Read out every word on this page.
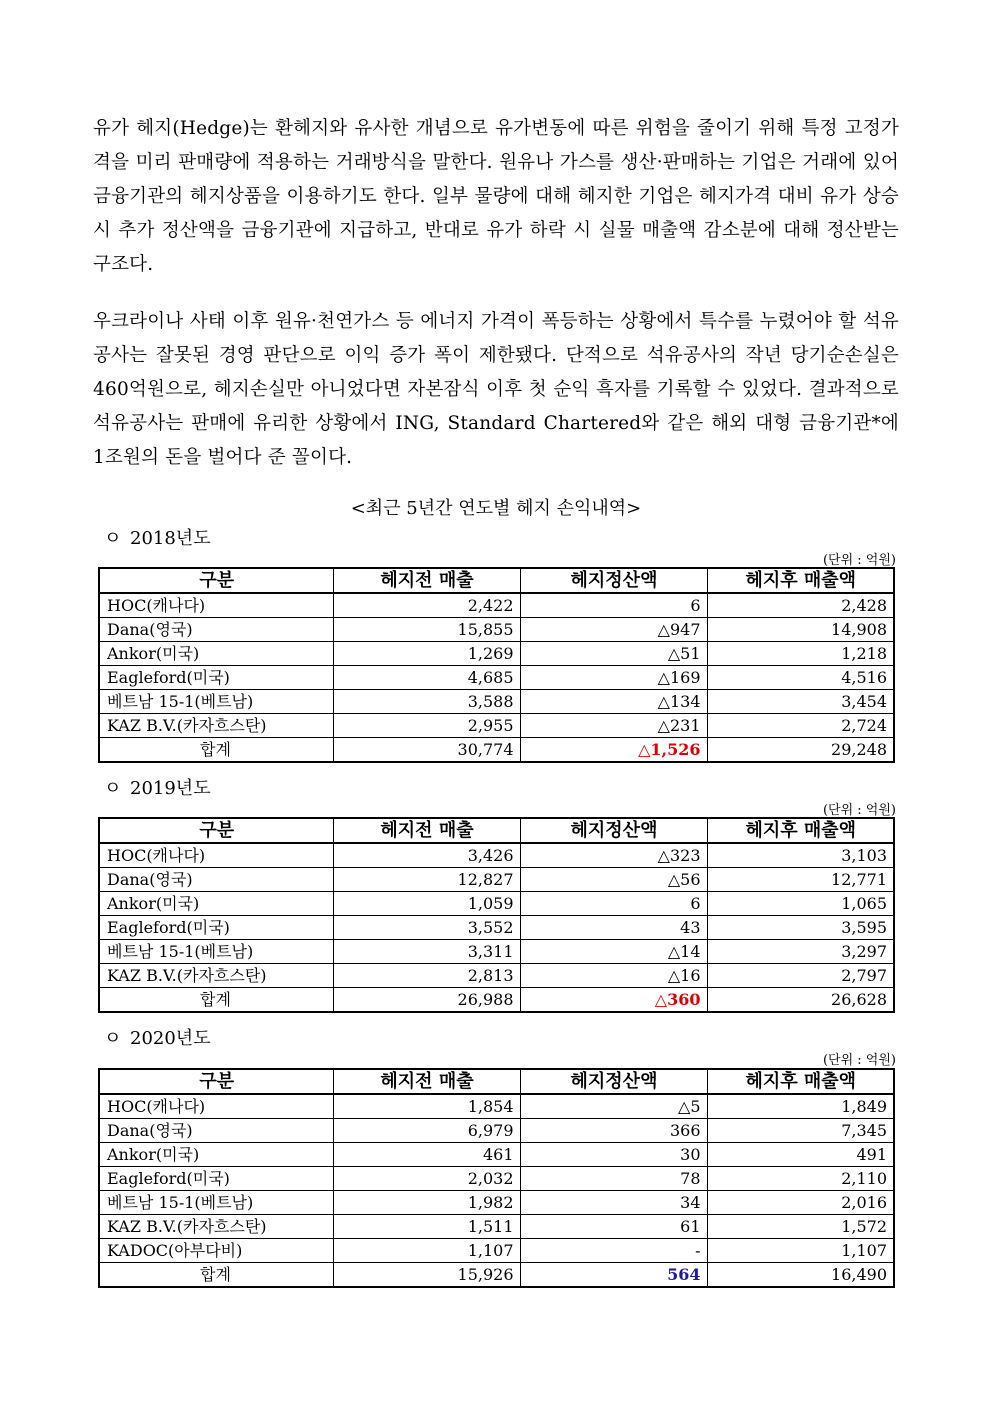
유가 헤지(Hedge)는 환헤지와 유사한 개념으로 유가변동에 따른 위험을 줄이기 위해 특정 고정가격을 미리 판매량에 적용하는 거래방식을 말한다. 원유나 가스를 생산·판매하는 기업은 거래에 있어 금융기관의 헤지상품을 이용하기도 한다. 일부 물량에 대해 헤지한 기업은 헤지가격 대비 유가 상승 시 추가 정산액을 금융기관에 지급하고, 반대로 유가 하락 시 실물 매출액 감소분에 대해 정산받는 구조다.
우크라이나 사태 이후 원유·천연가스 등 에너지 가격이 폭등하는 상황에서 특수를 누렸어야 할 석유공사는 잘못된 경영 판단으로 이익 증가 폭이 제한됐다. 단적으로 석유공사의 작년 당기순손실은 460억원으로, 헤지손실만 아니었다면 자본잠식 이후 첫 순익 흑자를 기록할 수 있었다. 결과적으로 석유공사는 판매에 유리한 상황에서 ING, Standard Chartered와 같은 해외 대형 금융기관*에 1조원의 돈을 벌어다 준 꼴이다.
<최근 5년간 연도별 헤지 손익내역>
ㅇ 2018년도
(단위 : 억원)
구분	헤지전 매출	헤지정산액	헤지후 매출액
HOC(캐나다)	2,422	6	2,428
Dana(영국)	15,855	△947	14,908
Ankor(미국)	1,269	△51	1,218
Eagleford(미국)	4,685	△169	4,516
베트남 15-1(베트남)	3,588	△134	3,454
KAZ B.V.(카자흐스탄)	2,955	△231	2,724
합계	30,774	△1,526	29,248
ㅇ 2019년도
(단위 : 억원)
구분	헤지전 매출	헤지정산액	헤지후 매출액
HOC(캐나다)	3,426	△323	3,103
Dana(영국)	12,827	△56	12,771
Ankor(미국)	1,059	6	1,065
Eagleford(미국)	3,552	43	3,595
베트남 15-1(베트남)	3,311	△14	3,297
KAZ B.V.(카자흐스탄)	2,813	△16	2,797
합계	26,988	△360	26,628
ㅇ 2020년도
(단위 : 억원)
구분	헤지전 매출	헤지정산액	헤지후 매출액
HOC(캐나다)	1,854	△5	1,849
Dana(영국)	6,979	366	7,345
Ankor(미국)	461	30	491
Eagleford(미국)	2,032	78	2,110
베트남 15-1(베트남)	1,982	34	2,016
KAZ B.V.(카자흐스탄)	1,511	61	1,572
KADOC(아부다비)	1,107	-	1,107
합계	15,926	564	16,490
